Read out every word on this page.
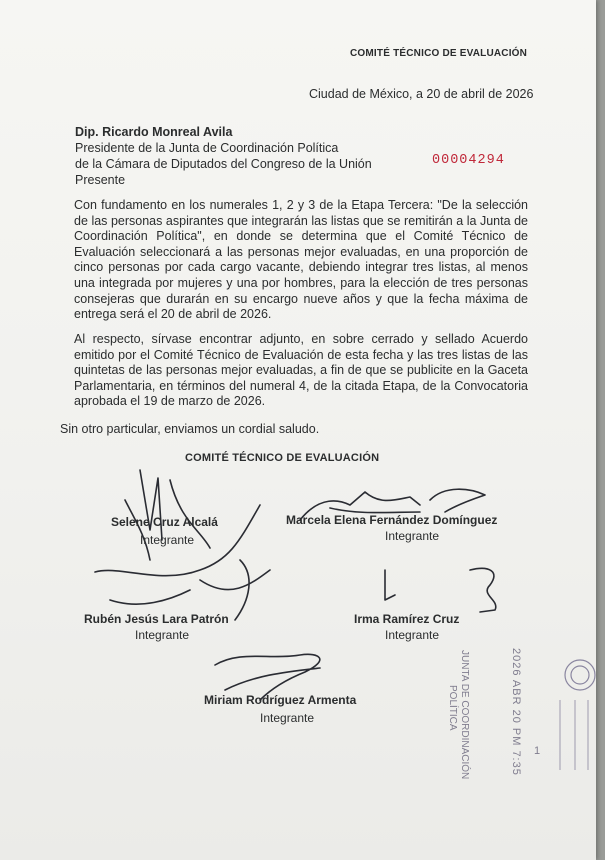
COMITÉ TÉCNICO DE EVALUACIÓN
Ciudad de México, a 20 de abril de 2026
Dip. Ricardo Monreal Avila
Presidente de la Junta de Coordinación Política
de la Cámara de Diputados del Congreso de la Unión
Presente
00004294
Con fundamento en los numerales 1, 2 y 3 de la Etapa Tercera: "De la selección de las personas aspirantes que integrarán las listas que se remitirán a la Junta de Coordinación Política", en donde se determina que el Comité Técnico de Evaluación seleccionará a las personas mejor evaluadas, en una proporción de cinco personas por cada cargo vacante, debiendo integrar tres listas, al menos una integrada por mujeres y una por hombres, para la elección de tres personas consejeras que durarán en su encargo nueve años y que la fecha máxima de entrega será el 20 de abril de 2026.
Al respecto, sírvase encontrar adjunto, en sobre cerrado y sellado Acuerdo emitido por el Comité Técnico de Evaluación de esta fecha y las tres listas de las quintetas de las personas mejor evaluadas, a fin de que se publicite en la Gaceta Parlamentaria, en términos del numeral 4, de la citada Etapa, de la Convocatoria aprobada el 19 de marzo de 2026.
Sin otro particular, enviamos un cordial saludo.
COMITÉ TÉCNICO DE EVALUACIÓN
Selene Cruz Alcalá
Integrante
Marcela Elena Fernández Domínguez
Integrante
Rubén Jesús Lara Patrón
Integrante
Irma Ramírez Cruz
Integrante
Miriam Rodríguez Armenta
Integrante	JUNTA DE COORDINACIÓN
POLÍTICA	2026 ABR 20 PM 7:35 1
